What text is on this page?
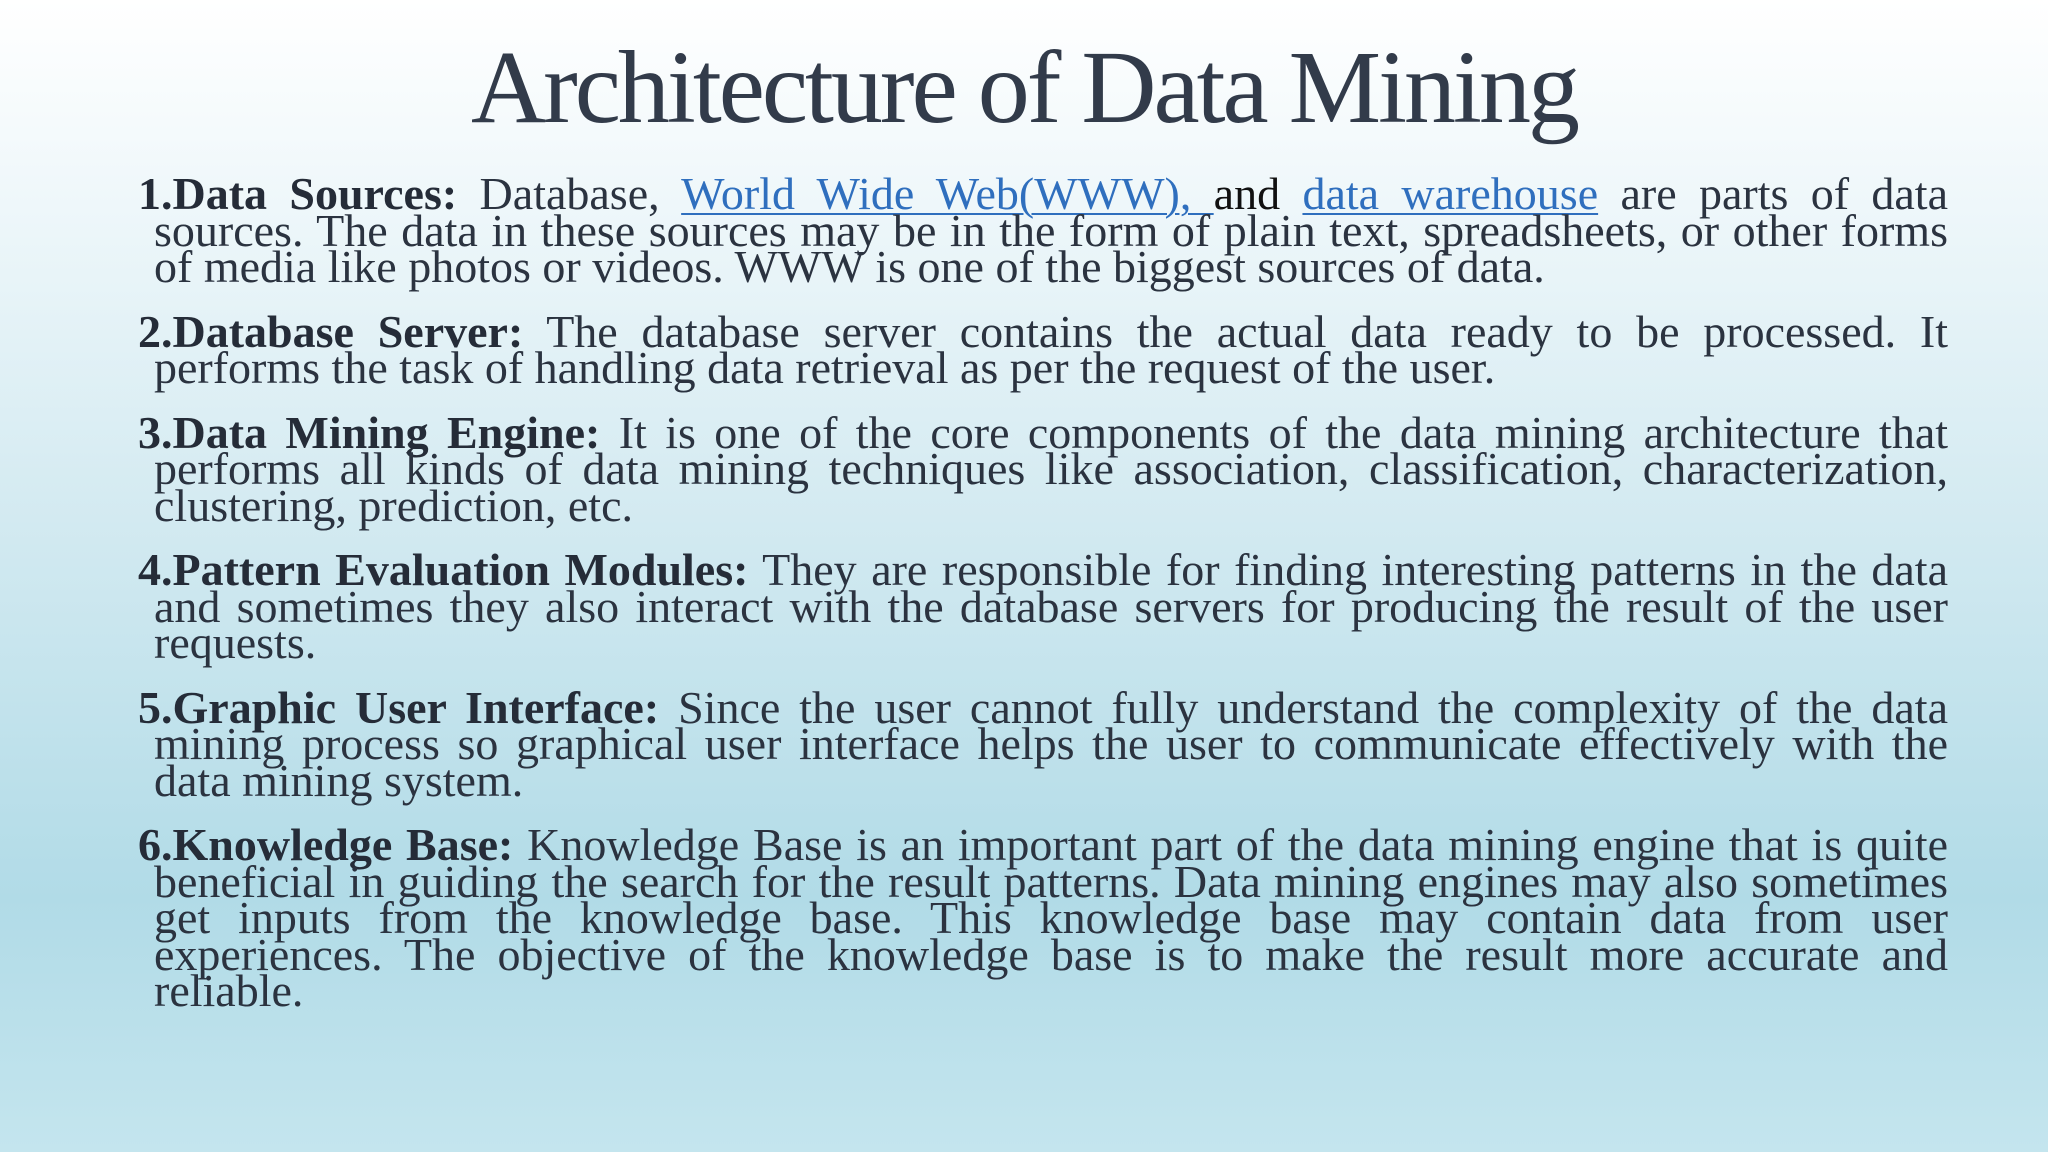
Architecture of Data Mining
1.Data Sources: Database, World Wide Web(WWW), and data warehouse are parts of data sources. The data in these sources may be in the form of plain text, spreadsheets, or other forms of media like photos or videos. WWW is one of the biggest sources of data.
2.Database Server: The database server contains the actual data ready to be processed. It performs the task of handling data retrieval as per the request of the user.
3.Data Mining Engine: It is one of the core components of the data mining architecture that performs all kinds of data mining techniques like association, classification, characterization, clustering, prediction, etc.
4.Pattern Evaluation Modules: They are responsible for finding interesting patterns in the data and sometimes they also interact with the database servers for producing the result of the user requests.
5.Graphic User Interface: Since the user cannot fully understand the complexity of the data mining process so graphical user interface helps the user to communicate effectively with the data mining system.
6.Knowledge Base: Knowledge Base is an important part of the data mining engine that is quite beneficial in guiding the search for the result patterns. Data mining engines may also sometimes get inputs from the knowledge base. This knowledge base may contain data from user experiences. The objective of the knowledge base is to make the result more accurate and reliable.
